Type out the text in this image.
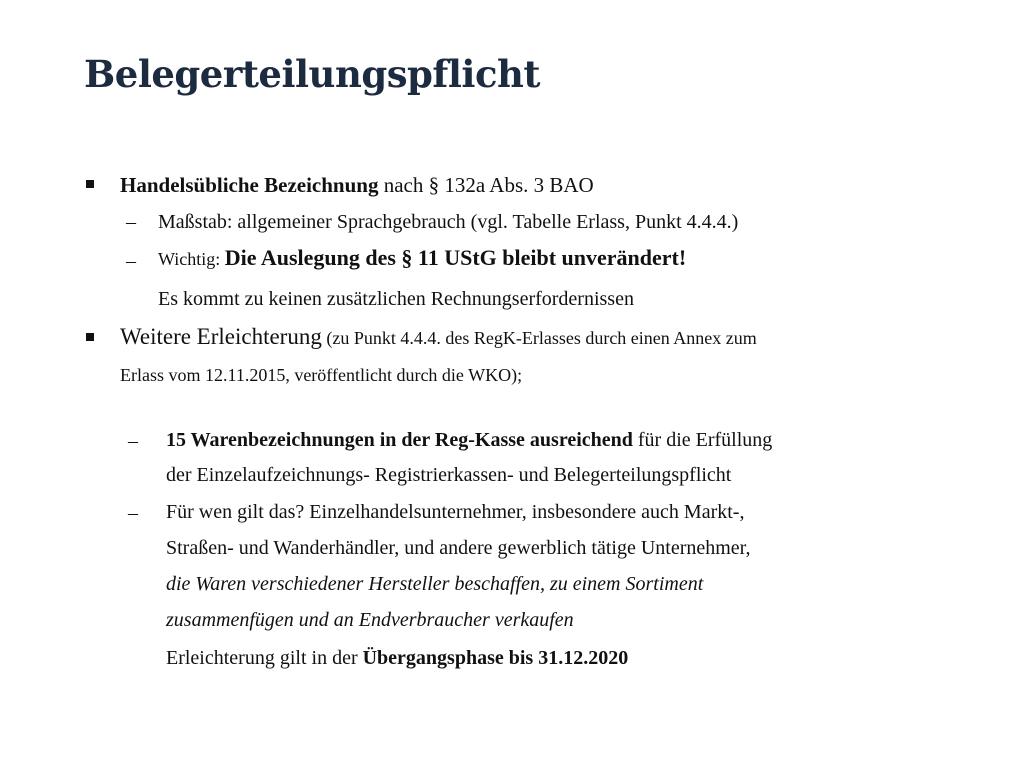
Belegerteilungspflicht
Handelsübliche Bezeichnung nach § 132a Abs. 3 BAO
– Maßstab: allgemeiner Sprachgebrauch (vgl. Tabelle Erlass, Punkt 4.4.4.)
– Wichtig: Die Auslegung des § 11 UStG bleibt unverändert!
Es kommt zu keinen zusätzlichen Rechnungserfordernissen
Weitere Erleichterung (zu Punkt 4.4.4. des RegK-Erlasses durch einen Annex zum
Erlass vom 12.11.2015, veröffentlicht durch die WKO);
– 15 Warenbezeichnungen in der Reg-Kasse ausreichend für die Erfüllung
der Einzelaufzeichnungs- Registrierkassen- und Belegerteilungspflicht
– Für wen gilt das? Einzelhandelsunternehmer, insbesondere auch Markt-,
Straßen- und Wanderhändler, und andere gewerblich tätige Unternehmer,
die Waren verschiedener Hersteller beschaffen, zu einem Sortiment
zusammenfügen und an Endverbraucher verkaufen
Erleichterung gilt in der Übergangsphase bis 31.12.2020
